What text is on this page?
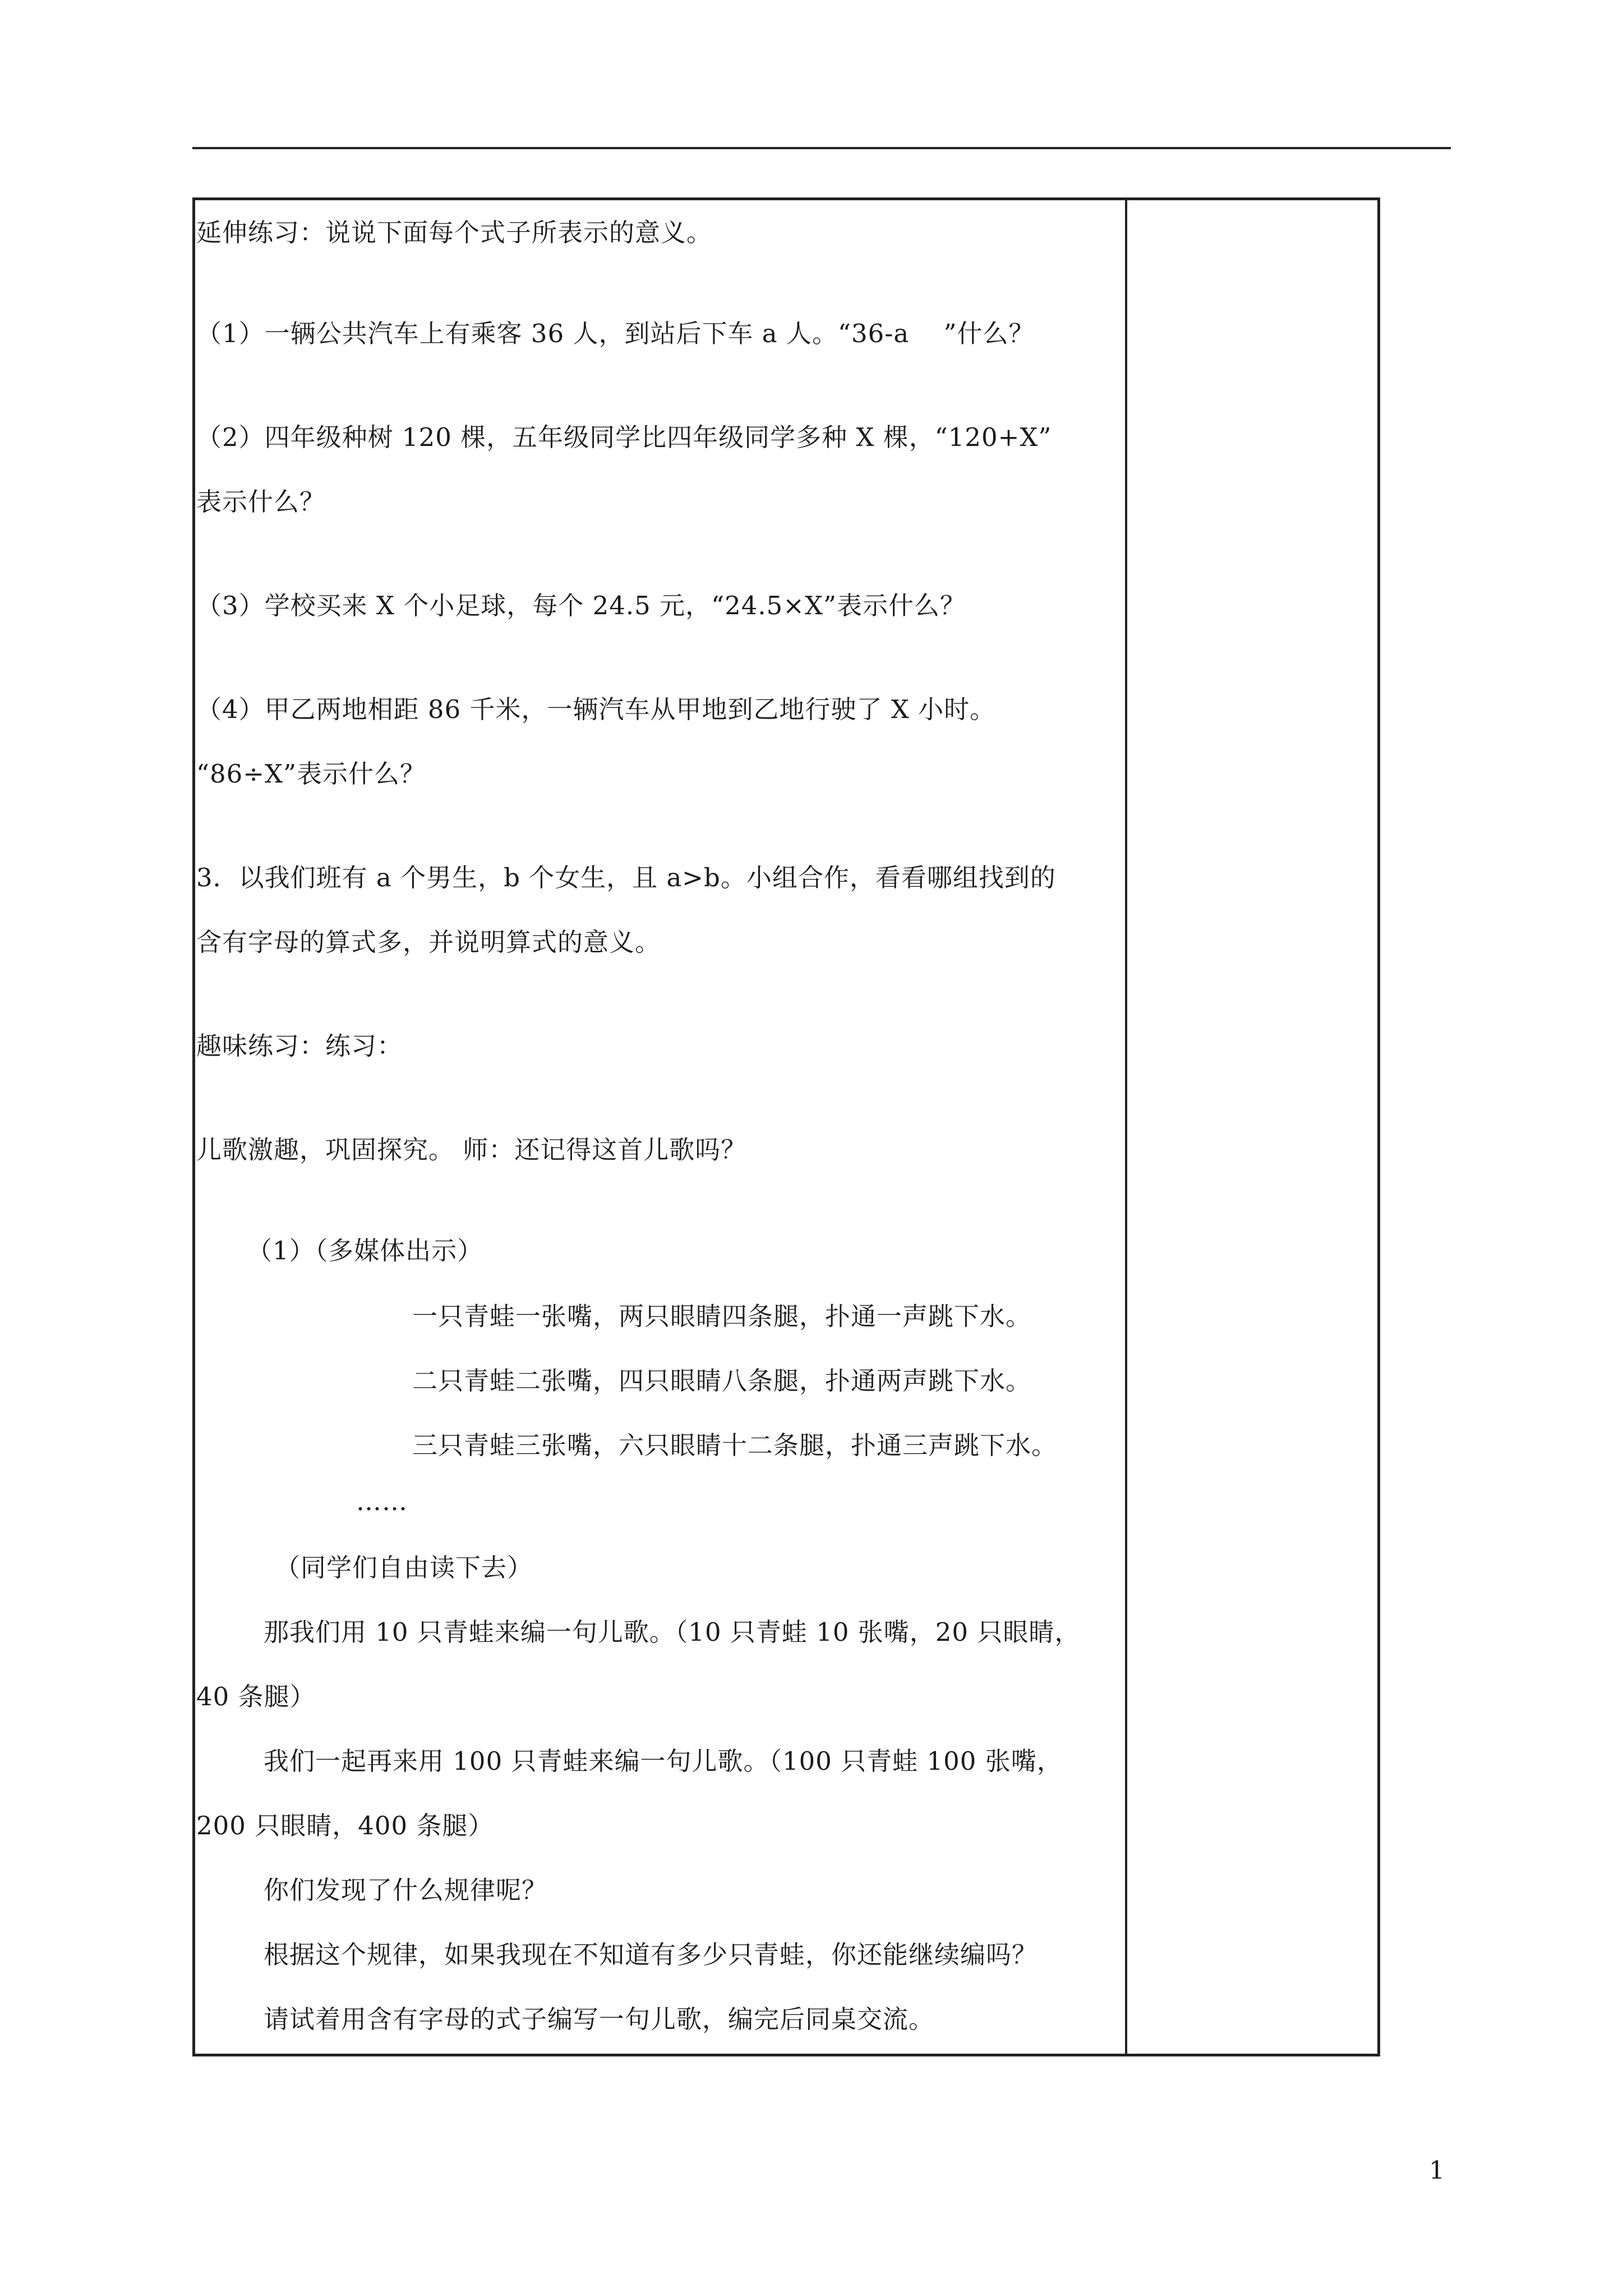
延伸练习：说说下面每个式子所表示的意义。
（1）一辆公共汽车上有乘客 36 人，到站后下车 a 人。“36-a　 ”什么？
（2）四年级种树 120 棵，五年级同学比四年级同学多种 X 棵，“120+X”
表示什么？
（3）学校买来 X 个小足球，每个 24.5 元，“24.5×X”表示什么？
（4）甲乙两地相距 86 千米，一辆汽车从甲地到乙地行驶了 X 小时。
“86÷X”表示什么？
3．以我们班有 a 个男生，b 个女生，且 a>b。小组合作，看看哪组找到的
含有字母的算式多，并说明算式的意义。
趣味练习：练习：
儿歌激趣，巩固探究。 师：还记得这首儿歌吗？
（1）（多媒体出示）
一只青蛙一张嘴，两只眼睛四条腿，扑通一声跳下水。
二只青蛙二张嘴，四只眼睛八条腿，扑通两声跳下水。
三只青蛙三张嘴，六只眼睛十二条腿，扑通三声跳下水。
……
（同学们自由读下去）
那我们用 10 只青蛙来编一句儿歌。（10 只青蛙 10 张嘴，20 只眼睛，
40 条腿）
我们一起再来用 100 只青蛙来编一句儿歌。（100 只青蛙 100 张嘴，
200 只眼睛，400 条腿）
你们发现了什么规律呢？
根据这个规律，如果我现在不知道有多少只青蛙，你还能继续编吗？
请试着用含有字母的式子编写一句儿歌，编完后同桌交流。
1
